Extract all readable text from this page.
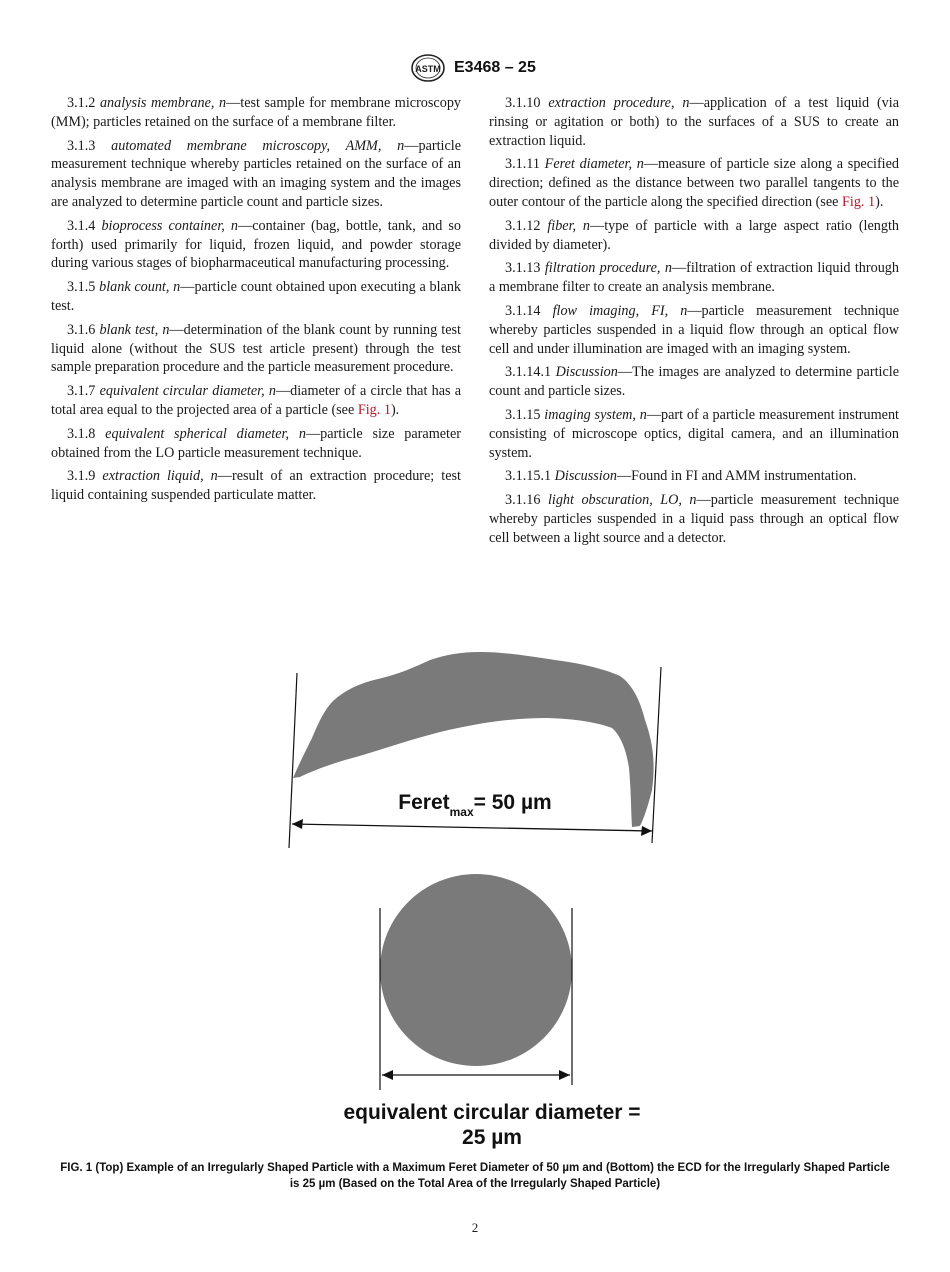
ASTM E3468 – 25

3.1.2 analysis membrane, n—test sample for membrane microscopy (MM); particles retained on the surface of a membrane filter.

3.1.3 automated membrane microscopy, AMM, n—particle measurement technique whereby particles retained on the surface of an analysis membrane are imaged with an imaging system and the images are analyzed to determine particle count and particle sizes.

3.1.4 bioprocess container, n—container (bag, bottle, tank, and so forth) used primarily for liquid, frozen liquid, and powder storage during various stages of biopharmaceutical manufacturing processing.

3.1.5 blank count, n—particle count obtained upon executing a blank test.

3.1.6 blank test, n—determination of the blank count by running test liquid alone (without the SUS test article present) through the test sample preparation procedure and the particle measurement procedure.

3.1.7 equivalent circular diameter, n—diameter of a circle that has a total area equal to the projected area of a particle (see Fig. 1).

3.1.8 equivalent spherical diameter, n—particle size parameter obtained from the LO particle measurement technique.

3.1.9 extraction liquid, n—result of an extraction procedure; test liquid containing suspended particulate matter.

3.1.10 extraction procedure, n—application of a test liquid (via rinsing or agitation or both) to the surfaces of a SUS to create an extraction liquid.

3.1.11 Feret diameter, n—measure of particle size along a specified direction; defined as the distance between two parallel tangents to the outer contour of the particle along the specified direction (see Fig. 1).

3.1.12 fiber, n—type of particle with a large aspect ratio (length divided by diameter).

3.1.13 filtration procedure, n—filtration of extraction liquid through a membrane filter to create an analysis membrane.

3.1.14 flow imaging, FI, n—particle measurement technique whereby particles suspended in a liquid flow through an optical flow cell and under illumination are imaged with an imaging system.

3.1.14.1 Discussion—The images are analyzed to determine particle count and particle sizes.

3.1.15 imaging system, n—part of a particle measurement instrument consisting of microscope optics, digital camera, and an illumination system.

3.1.15.1 Discussion—Found in FI and AMM instrumentation.

3.1.16 light obscuration, LO, n—particle measurement technique whereby particles suspended in a liquid pass through an optical flow cell between a light source and a detector.

Feret$_{max}$= 50 µm
equivalent circular diameter =
25 µm
FIG. 1 (Top) Example of an Irregularly Shaped Particle with a Maximum Feret Diameter of 50 µm and (Bottom) the ECD for the Irregularly Shaped Particle is 25 µm (Based on the Total Area of the Irregularly Shaped Particle)
2
